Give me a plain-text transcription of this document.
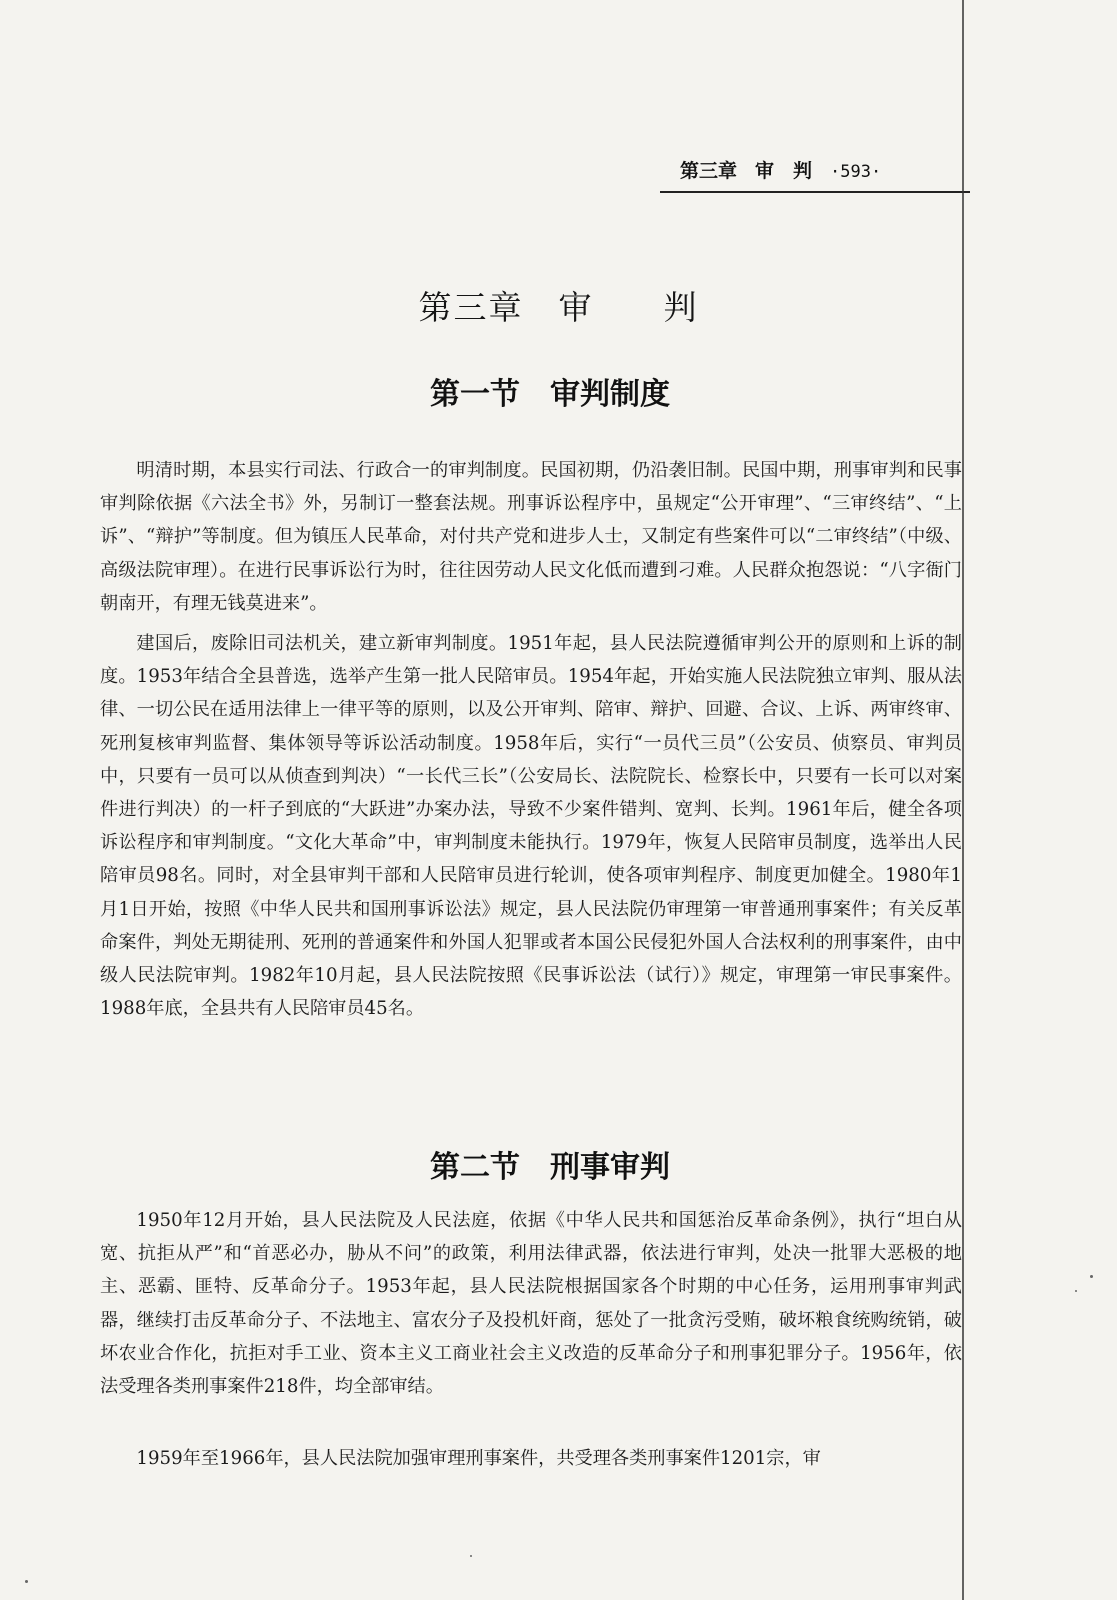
第三章 审　判 ·593·
第三章　审　　判
第一节　审判制度

明清时期，本县实行司法、行政合一的审判制度。民国初期，仍沿袭旧制。民国中期，刑事审判和民事审判除依据《六法全书》外，另制订一整套法规。刑事诉讼程序中，虽规定“公开审理”、“三审终结”、“上诉”、“辩护”等制度。但为镇压人民革命，对付共产党和进步人士，又制定有些案件可以“二审终结”（中级、高级法院审理）。在进行民事诉讼行为时，往往因劳动人民文化低而遭到刁难。人民群众抱怨说：“八字衙门朝南开，有理无钱莫进来”。

建国后，废除旧司法机关，建立新审判制度。1951年起，县人民法院遵循审判公开的原则和上诉的制度。1953年结合全县普选，选举产生第一批人民陪审员。1954年起，开始实施人民法院独立审判、服从法律、一切公民在适用法律上一律平等的原则，以及公开审判、陪审、辩护、回避、合议、上诉、两审终审、死刑复核审判监督、集体领导等诉讼活动制度。1958年后，实行“一员代三员”（公安员、侦察员、审判员中，只要有一员可以从侦查到判决）“一长代三长”（公安局长、法院院长、检察长中，只要有一长可以对案件进行判决）的一杆子到底的“大跃进”办案办法，导致不少案件错判、宽判、长判。1961年后，健全各项诉讼程序和审判制度。“文化大革命”中，审判制度未能执行。1979年，恢复人民陪审员制度，选举出人民陪审员98名。同时，对全县审判干部和人民陪审员进行轮训，使各项审判程序、制度更加健全。1980年1月1日开始，按照《中华人民共和国刑事诉讼法》规定，县人民法院仍审理第一审普通刑事案件；有关反革命案件，判处无期徒刑、死刑的普通案件和外国人犯罪或者本国公民侵犯外国人合法权利的刑事案件，由中级人民法院审判。1982年10月起，县人民法院按照《民事诉讼法（试行）》规定，审理第一审民事案件。1988年底，全县共有人民陪审员45名。

第二节　刑事审判

1950年12月开始，县人民法院及人民法庭，依据《中华人民共和国惩治反革命条例》，执行“坦白从宽、抗拒从严”和“首恶必办，胁从不问”的政策，利用法律武器，依法进行审判，处决一批罪大恶极的地主、恶霸、匪特、反革命分子。1953年起，县人民法院根据国家各个时期的中心任务，运用刑事审判武器，继续打击反革命分子、不法地主、富农分子及投机奸商，惩处了一批贪污受贿，破坏粮食统购统销，破坏农业合作化，抗拒对手工业、资本主义工商业社会主义改造的反革命分子和刑事犯罪分子。1956年，依法受理各类刑事案件218件，均全部审结。

1959年至1966年，县人民法院加强审理刑事案件，共受理各类刑事案件1201宗，审
